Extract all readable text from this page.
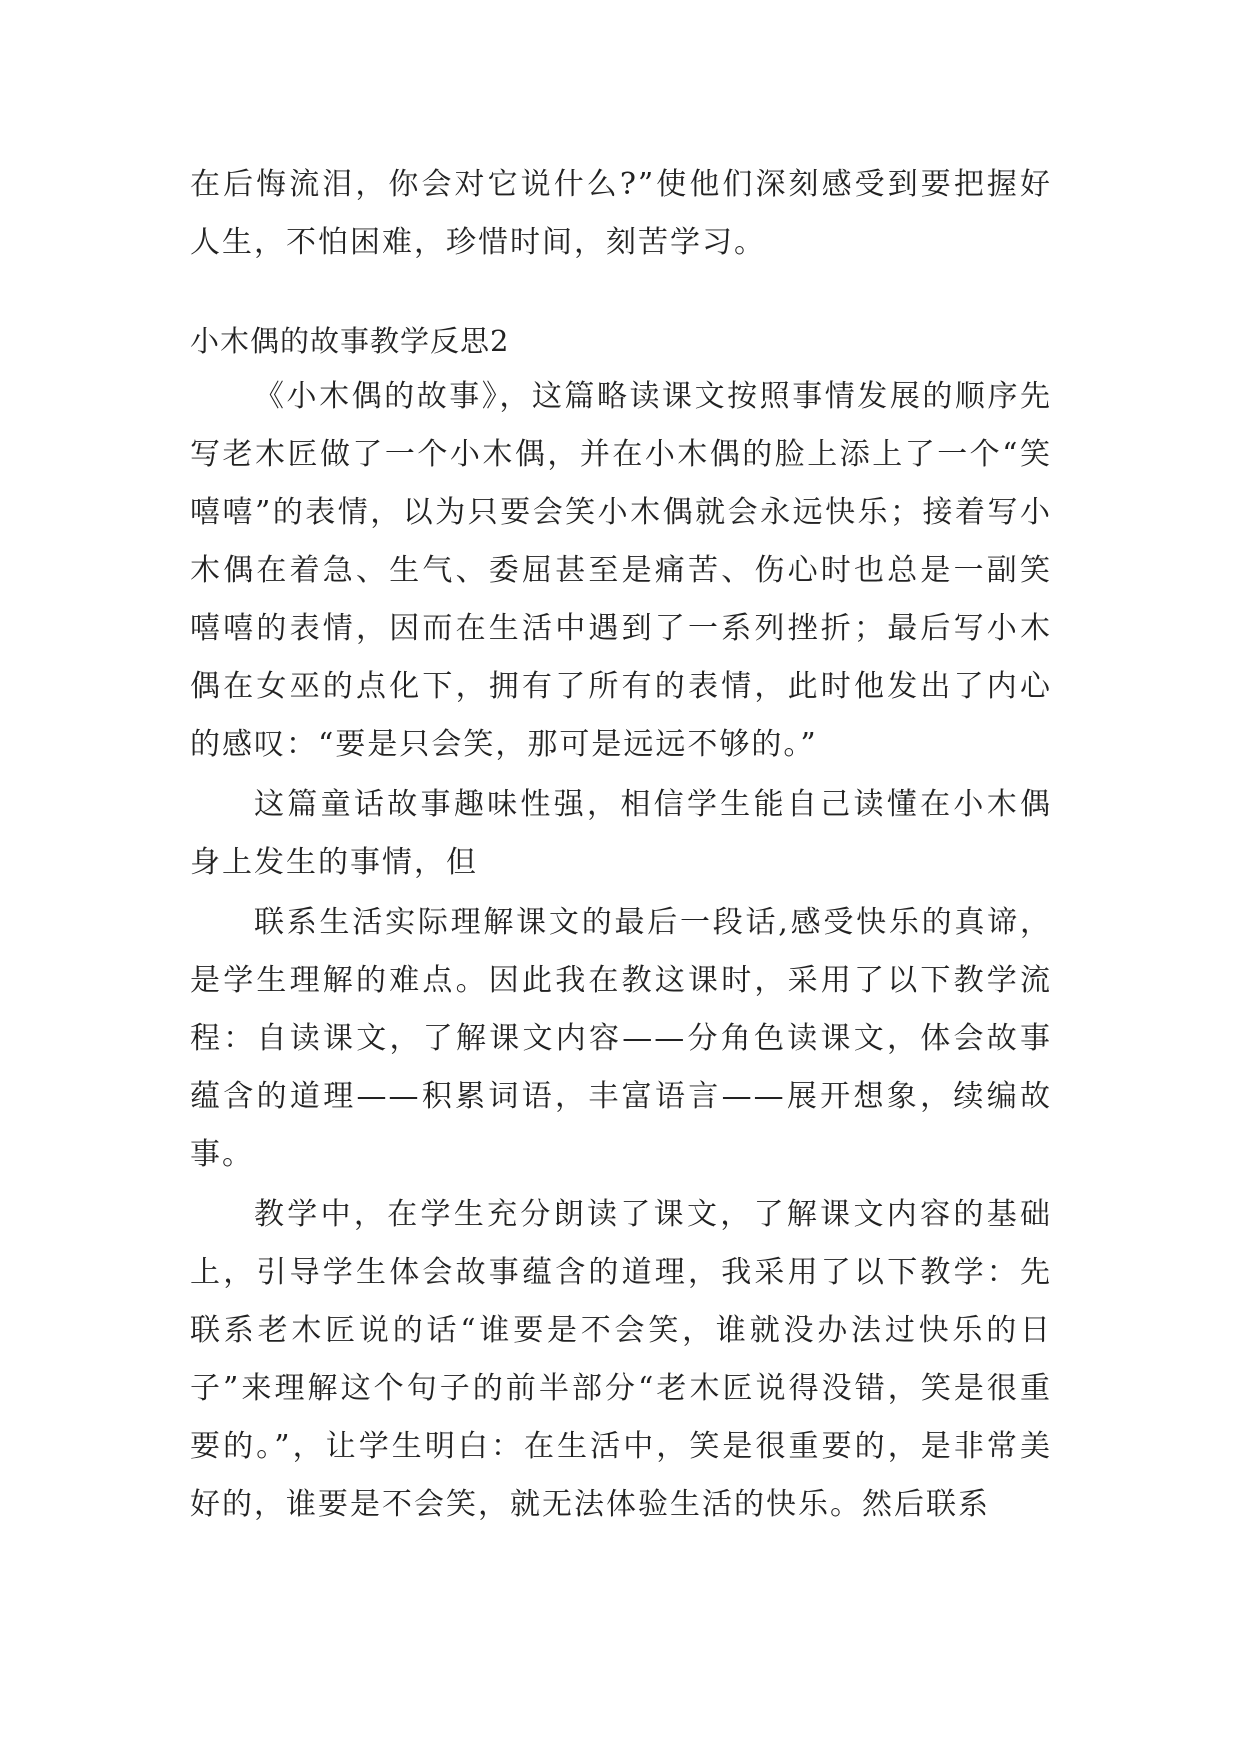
在后悔流泪，你会对它说什么?”使他们深刻感受到要把握好人生，不怕困难，珍惜时间，刻苦学习。

小木偶的故事教学反思2

《小木偶的故事》，这篇略读课文按照事情发展的顺序先写老木匠做了一个小木偶，并在小木偶的脸上添上了一个“笑嘻嘻”的表情，以为只要会笑小木偶就会永远快乐；接着写小木偶在着急、生气、委屈甚至是痛苦、伤心时也总是一副笑嘻嘻的表情，因而在生活中遇到了一系列挫折；最后写小木偶在女巫的点化下，拥有了所有的表情，此时他发出了内心的感叹：“要是只会笑，那可是远远不够的。”

这篇童话故事趣味性强，相信学生能自己读懂在小木偶身上发生的事情，但

联系生活实际理解课文的最后一段话,感受快乐的真谛，是学生理解的难点。因此我在教这课时，采用了以下教学流程：自读课文，了解课文内容——分角色读课文，体会故事蕴含的道理——积累词语，丰富语言——展开想象，续编故事。

教学中，在学生充分朗读了课文，了解课文内容的基础上，引导学生体会故事蕴含的道理，我采用了以下教学：先联系老木匠说的话“谁要是不会笑，谁就没办法过快乐的日子”来理解这个句子的前半部分“老木匠说得没错，笑是很重要的。”，让学生明白：在生活中，笑是很重要的，是非常美好的，谁要是不会笑，就无法体验生活的快乐。然后联系
